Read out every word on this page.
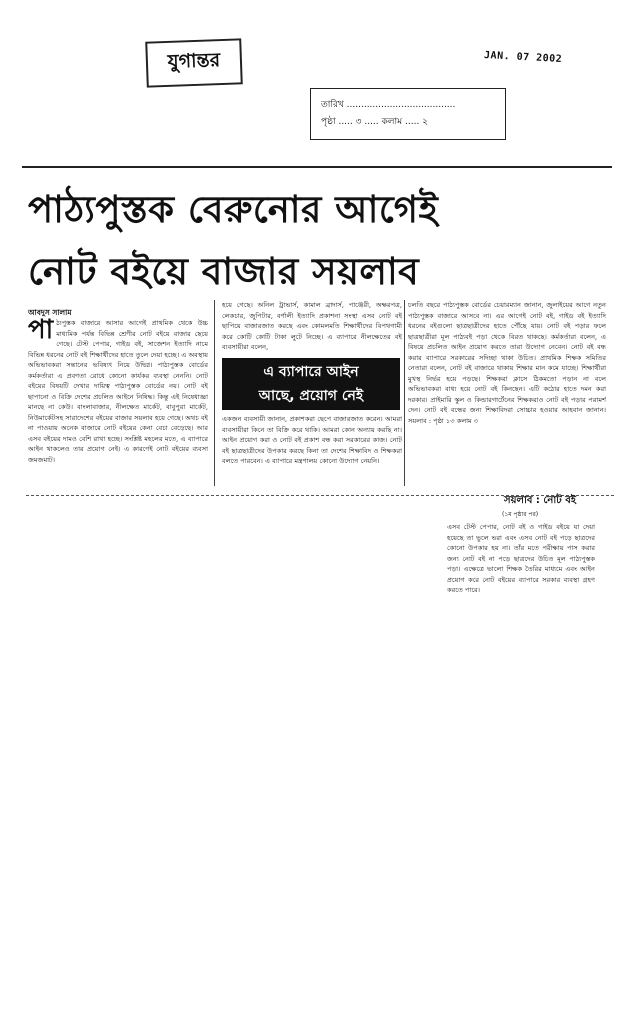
যুগান্তর	JAN. 07 2002
তারিখ ......................................
পৃষ্ঠা ..... ৩ ..... কলাম ..... ২
পাঠ্যপুস্তক বেরুনোর আগেই
নোট বইয়ে বাজার সয়লাব
আবদুস সালাম
পা ঠ্যপুস্তক বাজারে আসার আগেই প্রাথমিক থেকে উচ্চ মাধ্যমিক পর্যন্ত বিভিন্ন শ্রেণীর নোট বইয়ে বাজার ছেয়ে গেছে। টেস্ট পেপার, গাইড বই, সাজেশন ইত্যাদি নামে বিভিন্ন ধরনের নোট বই শিক্ষার্থীদের হাতে তুলে দেয়া হচ্ছে। এ অবস্থায় অভিভাবকরা সন্তানের ভবিষ্যৎ নিয়ে উদ্বিগ্ন। পাঠ্যপুস্তক বোর্ডের কর্মকর্তারা এ প্রবণতা রোধে কোনো কার্যকর ব্যবস্থা নেননি। নোট বইয়ের বিষয়টি দেখার দায়িত্ব পাঠ্যপুস্তক বোর্ডের নয়। নোট বই ছাপানো ও বিক্রি দেশের প্রচলিত আইনে নিষিদ্ধ। কিন্তু এই নিষেধাজ্ঞা মানছে না কেউ। বাংলাবাজার, নীলক্ষেত মার্কেট, বাবুপুরা মার্কেট, নিউমার্কেটসহ সারাদেশের বইয়ের বাজার সয়লাব হয়ে গেছে। অথচ বই না পাওয়ায় অনেক বাজারে নোট বইয়ের কেনা বেচা বেড়েছে। আর এসব বইয়ের দামও বেশি রাখা হচ্ছে। সংশ্লিষ্ট মহলের মতে, এ ব্যাপারে আইন থাকলেও তার প্রয়োগ নেই। এ কারণেই নোট বইয়ের ব্যবসা জমজমাট।
হয়ে গেছে। অনিল ট্রাভার্স, কামাল ব্রাদার্স, পাঞ্জেরী, অক্ষরপত্র, লেকচার, জুপিটার, বর্ণালী ইত্যাদি প্রকাশনা সংস্থা এসব নোট বই ছাপিয়ে বাজারজাত করছে এবং কোমলমতি শিক্ষার্থীদের বিপথগামী করে কোটি কোটি টাকা লুটে নিচ্ছে। এ ব্যাপারে নীলক্ষেতের বই ব্যবসায়ীরা বলেন,
এ ব্যাপারে আইন
আছে, প্রয়োগ নেই
একজন ব্যবসায়ী জানান, প্রকাশকরা ছেপে বাজারজাত করেন। আমরা ব্যবসায়ীরা কিনে তা বিক্রি করে থাকি। আমরা কোন অন্যায় করছি না। আইন প্রয়োগ করা ও নোট বই প্রকাশ বন্ধ করা সরকারের কাজ। নোট বই ছাত্রছাত্রীদের উপকার করছে কিনা তা দেশের শিক্ষাবিদ ও শিক্ষকরা বলতে পারবেন। এ ব্যাপারে মন্ত্রণালয় কোনো উদ্যোগ নেয়নি।
চলতি বছরে পাঠ্যপুস্তক বোর্ডের চেয়ারম্যান জানান, জুলাইয়ের আগে নতুন পাঠ্যপুস্তক বাজারে আসবে না। এর আগেই নোট বই, গাইড বই ইত্যাদি ধরনের বইগুলো ছাত্রছাত্রীদের হাতে পৌঁছে যায়। নোট বই পড়ার ফলে ছাত্রছাত্রীরা মূল পাঠ্যবই পড়া থেকে বিরত থাকছে। কর্মকর্তারা বলেন, এ বিষয়ে প্রচলিত আইন প্রয়োগ করতে তারা উদ্যোগ নেবেন। নোট বই বন্ধ করার ব্যাপারে সরকারের সদিচ্ছা থাকা উচিত। প্রাথমিক শিক্ষক সমিতির নেতারা বলেন, নোট বই বাজারে থাকায় শিক্ষার মান কমে যাচ্ছে। শিক্ষার্থীরা মুখস্থ নির্ভর হয়ে পড়ছে। শিক্ষকরা ক্লাসে ঠিকমতো পড়ান না বলে অভিভাবকরা বাধ্য হয়ে নোট বই কিনছেন। এটি কঠোর হাতে দমন করা দরকার। প্রাইমারি স্কুল ও কিন্ডারগার্টেনের শিক্ষকরাও নোট বই পড়ার পরামর্শ দেন। নোট বই বন্ধের জন্য শিক্ষাবিদরা সোচ্চার হওয়ার আহবান জানান। সয়লাব : পৃষ্ঠা ১৩ কলাম ৩
সয়লাব : নোট বই
(১ম পৃষ্ঠার পর)
এসব টেস্ট পেপার, নোট বই ও গাইড বইয়ে যা দেয়া হয়েছে তা ভুলে ভরা এবং এসব নোট বই পড়ে ছাত্রদের কোনো উপকার হয় না। তাঁর মতে পরীক্ষায় পাস করার জন্য নোট বই না পড়ে ছাত্রদের উচিত মূল পাঠ্যপুস্তক পড়া। এক্ষেত্রে ভালো শিক্ষক তৈরির মাধ্যমে এবং আইন প্রয়োগ করে নোট বইয়ের ব্যাপারে সরকার ব্যবস্থা গ্রহণ করতে পারে।
